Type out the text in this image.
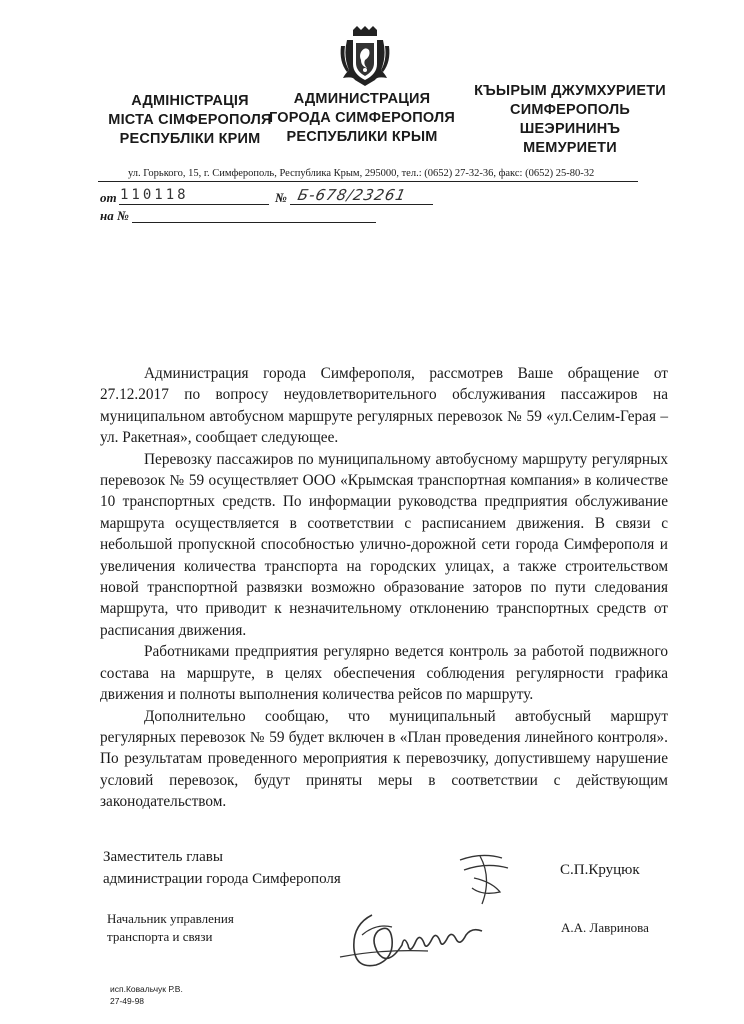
АДМІНІСТРАЦІЯ
МІСТА СІМФЕРОПОЛЯ
РЕСПУБЛІКИ КРИМ
АДМИНИСТРАЦИЯ
ГОРОДА СИМФЕРОПОЛЯ
РЕСПУБЛИКИ КРЫМ
КЪЫРЫМ ДЖУМХУРИЕТИ
СИМФЕРОПОЛЬ
ШЕЭРИНИНЪ
МЕМУРИЕТИ
ул. Горького, 15, г. Симферополь, Республика Крым, 295000, тел.: (0652) 27-32-36, факс: (0652) 25-80-32
от 110118	№ Б-678/23261
на №

Администрация города Симферополя, рассмотрев Ваше обращение от 27.12.2017 по вопросу неудовлетворительного обслуживания пассажиров на муниципальном автобусном маршруте регулярных перевозок № 59 «ул.Селим-Герая – ул. Ракетная», сообщает следующее.

Перевозку пассажиров по муниципальному автобусному маршруту регулярных перевозок № 59 осуществляет ООО «Крымская транспортная компания» в количестве 10 транспортных средств. По информации руководства предприятия обслуживание маршрута осуществляется в соответствии с расписанием движения. В связи с небольшой пропускной способностью улично-дорожной сети города Симферополя и увеличения количества транспорта на городских улицах, а также строительством новой транспортной развязки возможно образование заторов по пути следования маршрута, что приводит к незначительному отклонению транспортных средств от расписания движения.

Работниками предприятия регулярно ведется контроль за работой подвижного состава на маршруте, в целях обеспечения соблюдения регулярности графика движения и полноты выполнения количества рейсов по маршруту.

Дополнительно сообщаю, что муниципальный автобусный маршрут регулярных перевозок № 59 будет включен в «План проведения линейного контроля». По результатам проведенного мероприятия к перевозчику, допустившему нарушение условий перевозок, будут приняты меры в соответствии с действующим законодательством.

Заместитель главы
администрации города Симферополя
С.П.Круцюк
Начальник управления
транспорта и связи
А.А. Лавринова
исп.Ковальчук Р.В.
27-49-98
